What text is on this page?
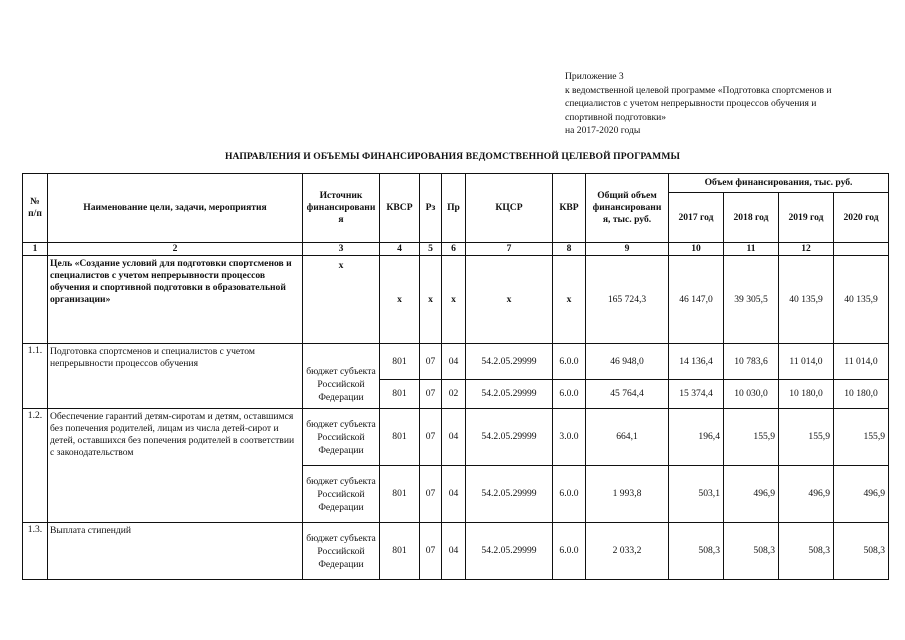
Приложение 3
к ведомственной целевой программе «Подготовка спортсменов и
специалистов с учетом непрерывности процессов обучения и
спортивной подготовки»
на 2017-2020 годы
НАПРАВЛЕНИЯ И ОБЪЕМЫ ФИНАНСИРОВАНИЯ ВЕДОМСТВЕННОЙ ЦЕЛЕВОЙ ПРОГРАММЫ
№ п/п	Наименование цели, задачи, мероприятия	Источник финансировани я	КВСР	Рз	Пр	КЦСР	КВР	Общий объем финансировани я, тыс. руб.	Объем финансирования, тыс. руб.			
									2017 год	2018 год	2019 год	2020 год
1	2	3	4	5	6	7	8	9	10	11	12	
	Цель «Создание условий для подготовки спортсменов и специалистов с учетом непрерывности процессов обучения и спортивной подготовки в образовательной организации»	x	x	x	x	x	x	165 724,3	46 147,0	39 305,5	40 135,9	40 135,9
1.1.	Подготовка спортсменов и специалистов с учетом непрерывности процессов обучения	бюджет субъекта Российской Федерации	801	07	04	54.2.05.29999	6.0.0	46 948,0	14 136,4	10 783,6	11 014,0	11 014,0
			801	07	02	54.2.05.29999	6.0.0	45 764,4	15 374,4	10 030,0	10 180,0	10 180,0
1.2.	Обеспечение гарантий детям-сиротам и детям, оставшимся без попечения родителей, лицам из числа детей-сирот и детей, оставшихся без попечения родителей в соответствии с законодательством	бюджет субъекта Российской Федерации	801	07	04	54.2.05.29999	3.0.0	664,1	196,4	155,9	155,9	155,9
		бюджет субъекта Российской Федерации	801	07	04	54.2.05.29999	6.0.0	1 993,8	503,1	496,9	496,9	496,9
1.3.	Выплата стипендий	бюджет субъекта Российской Федерации	801	07	04	54.2.05.29999	6.0.0	2 033,2	508,3	508,3	508,3	508,3
